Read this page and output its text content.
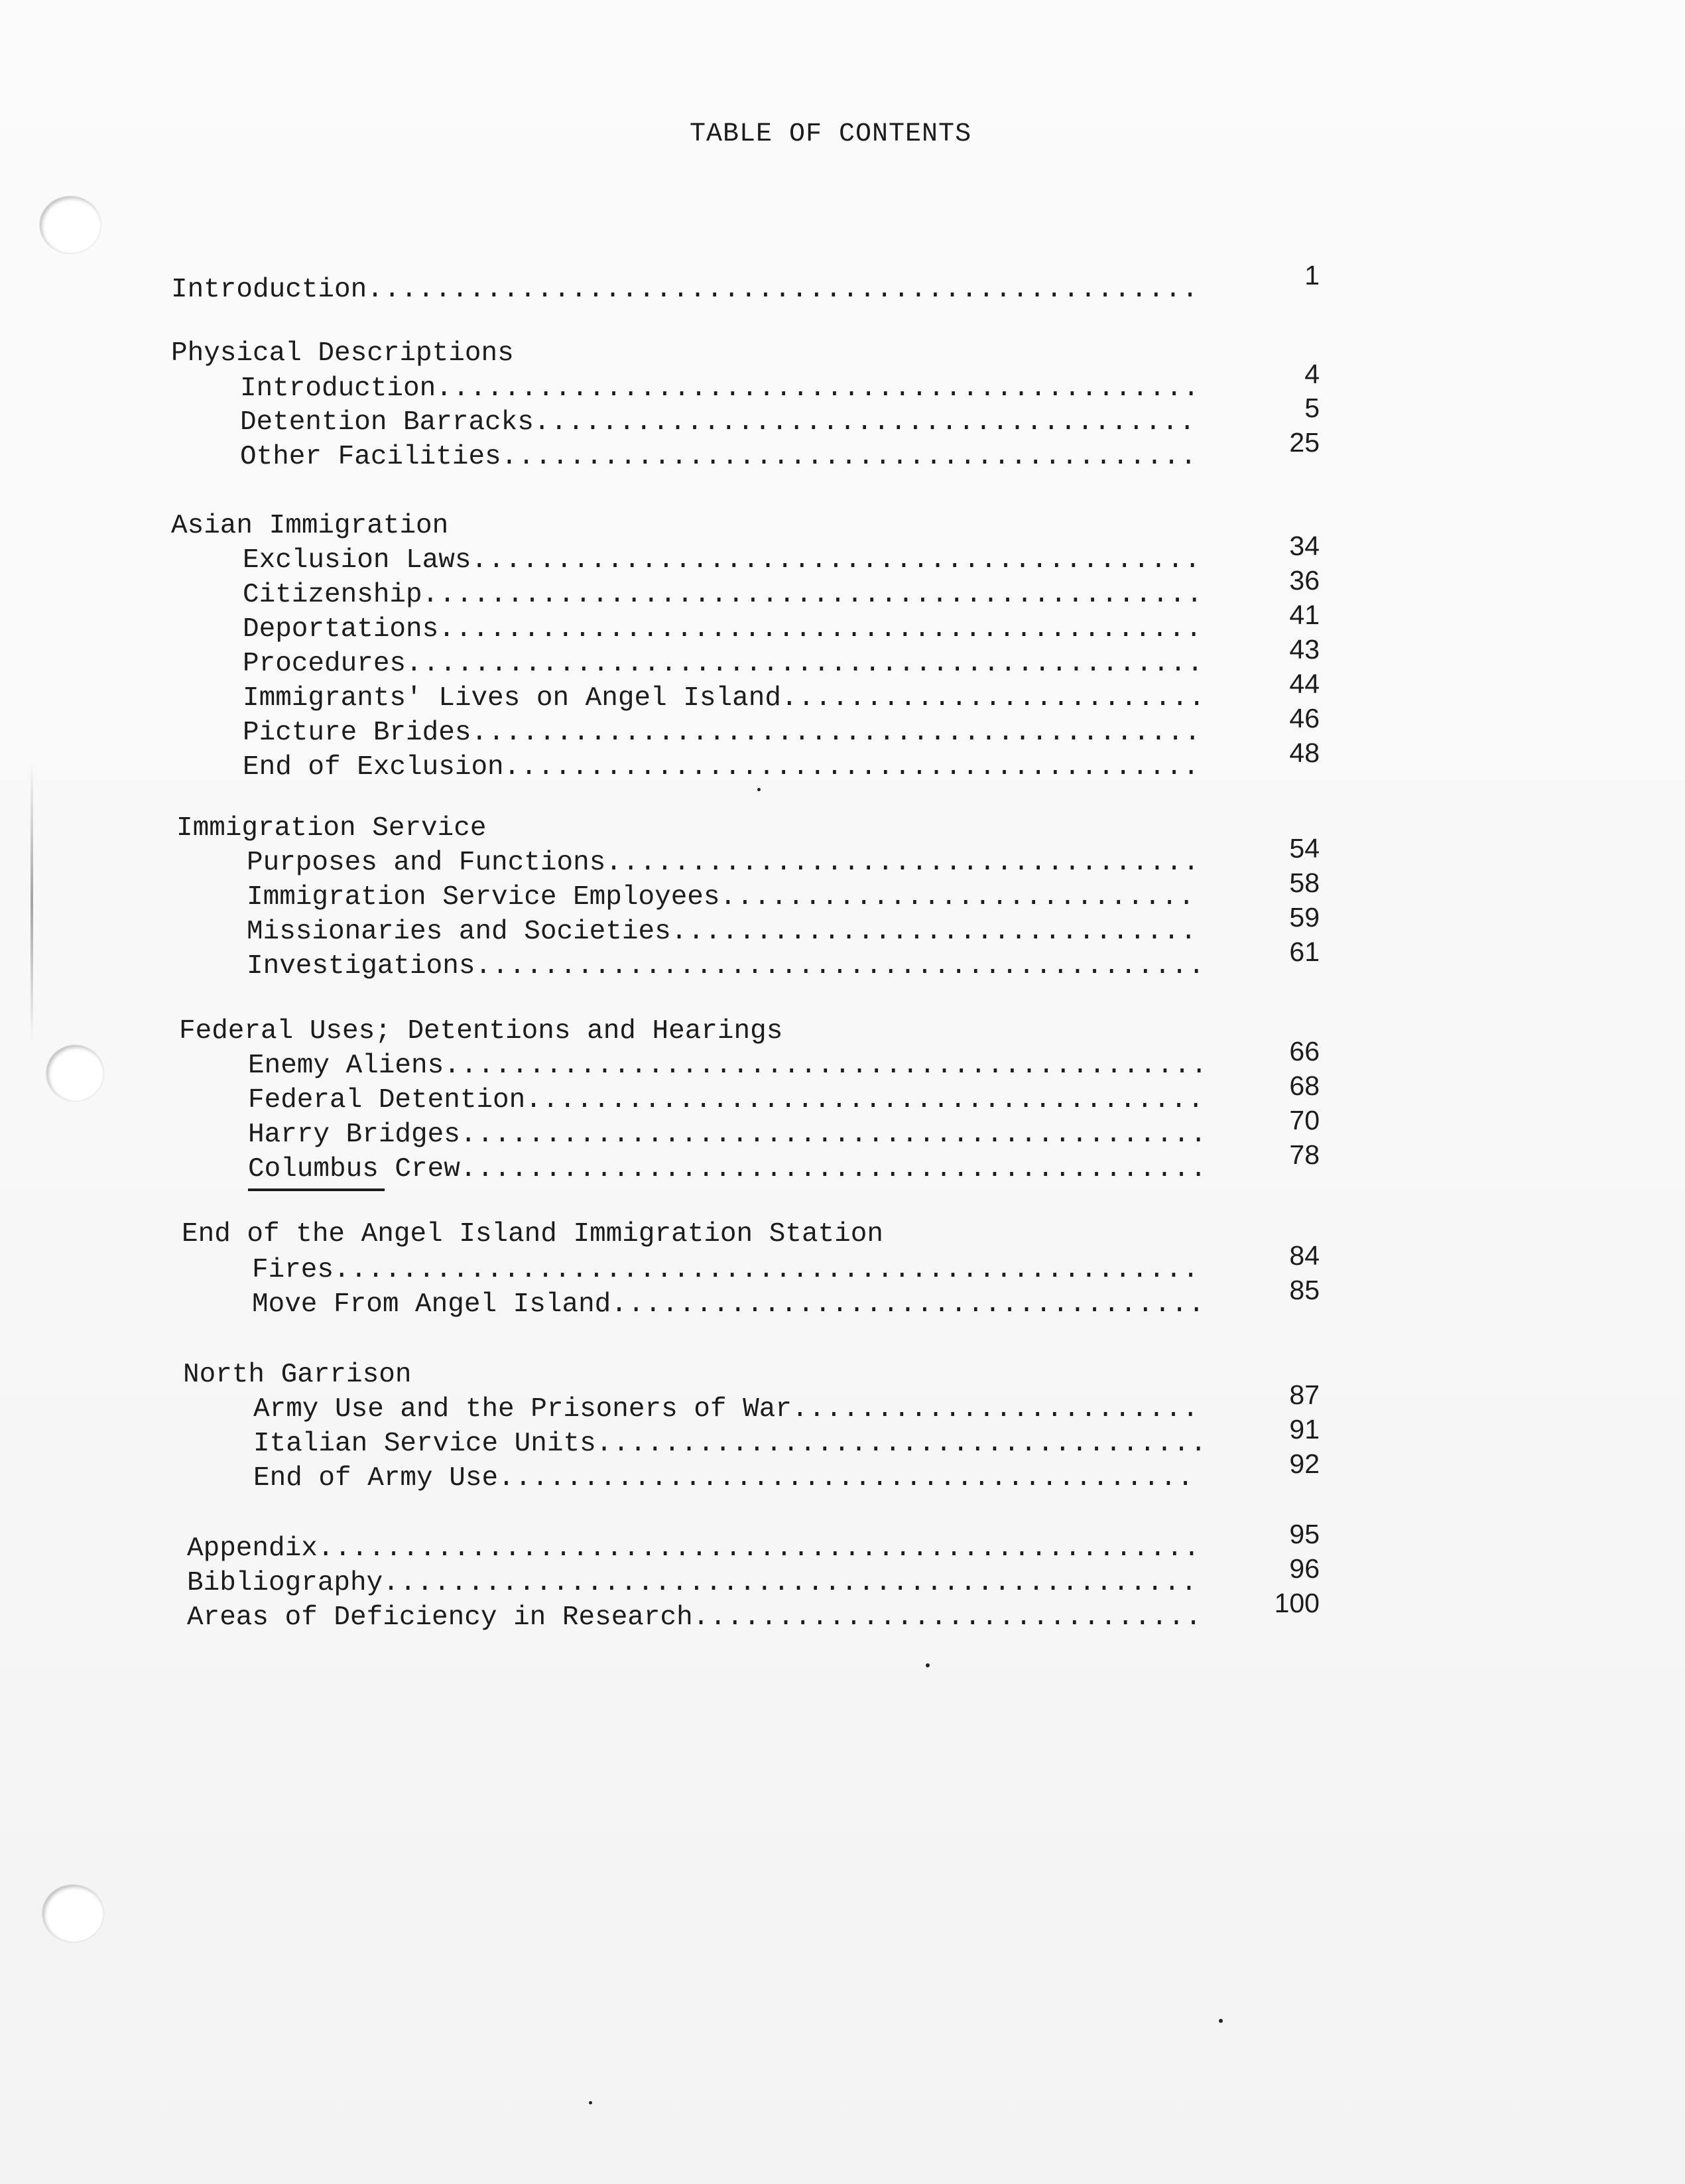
TABLE OF CONTENTS
Introduction.................................................	1
Physical Descriptions
Introduction.............................................	4
Detention Barracks.......................................	5
Other Facilities.........................................	25
Asian Immigration
Exclusion Laws...........................................	34
Citizenship..............................................	36
Deportations.............................................	41
Procedures...............................................	43
Immigrants' Lives on Angel Island.........................	44
Picture Brides...........................................	46
End of Exclusion.........................................	48
Immigration Service
Purposes and Functions...................................	54
Immigration Service Employees............................	58
Missionaries and Societies...............................	59
Investigations...........................................	61
Federal Uses; Detentions and Hearings
Enemy Aliens.............................................	66
Federal Detention........................................	68
Harry Bridges............................................	70
Columbus Crew............................................	78
End of the Angel Island Immigration Station
Fires...................................................	84
Move From Angel Island...................................	85
North Garrison
Army Use and the Prisoners of War........................	87
Italian Service Units....................................	91
End of Army Use.........................................	92
Appendix....................................................	95
Bibliography................................................	96
Areas of Deficiency in Research..............................	100
